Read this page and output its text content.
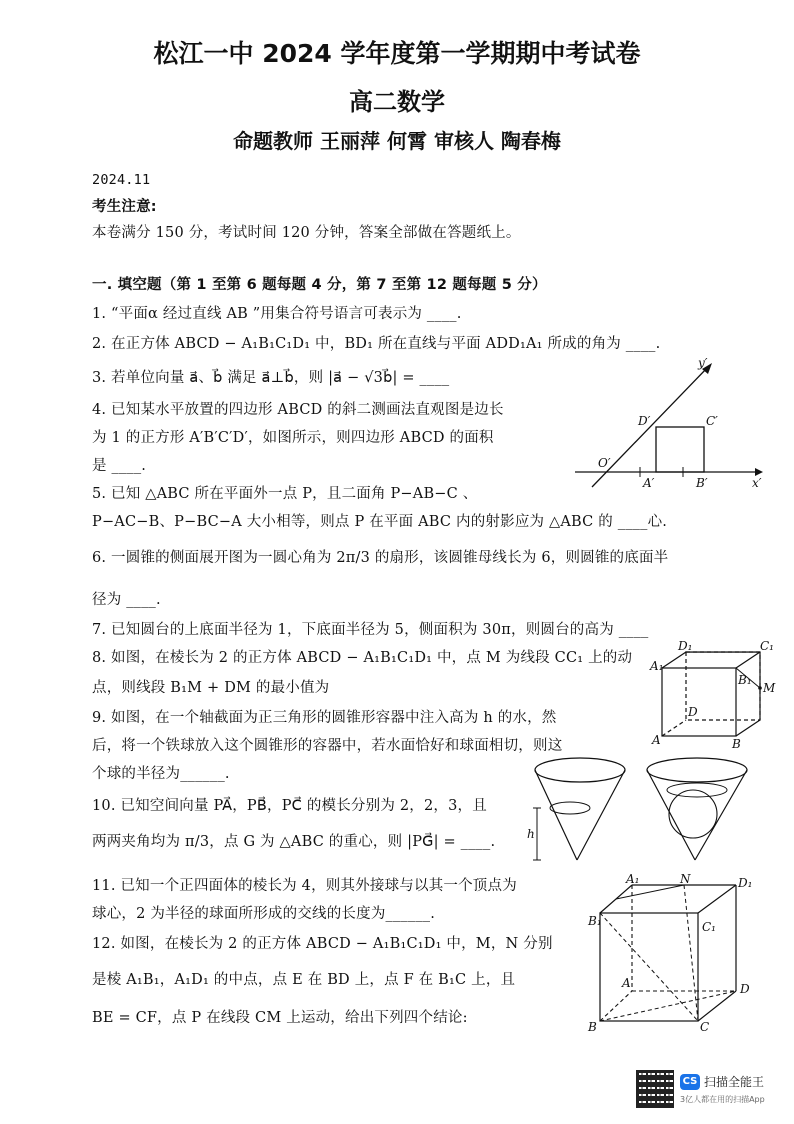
松江一中 2024 学年度第一学期期中考试卷
高二数学
命题教师 王丽萍 何霄 审核人 陶春梅
2024.11
考生注意:
本卷满分 150 分，考试时间 120 分钟，答案全部做在答题纸上。
一. 填空题（第 1 至第 6 题每题 4 分，第 7 至第 12 题每题 5 分）
1. “平面α 经过直线 AB ”用集合符号语言可表示为 ____.
2. 在正方体 ABCD − A₁B₁C₁D₁ 中，BD₁ 所在直线与平面 ADD₁A₁ 所成的角为 ____.
3. 若单位向量 a⃗、b⃗ 满足 a⃗⊥b⃗，则 |a⃗ − √3b⃗| = ____
4. 已知某水平放置的四边形 ABCD 的斜二测画法直观图是边长
为 1 的正方形 A′B′C′D′，如图所示，则四边形 ABCD 的面积
是 ____.
5. 已知 △ABC 所在平面外一点 P，且二面角 P−AB−C 、
P−AC−B、P−BC−A 大小相等，则点 P 在平面 ABC 内的射影应为 △ABC 的 ____心.
6. 一圆锥的侧面展开图为一圆心角为 2π/3 的扇形，该圆锥母线长为 6，则圆锥的底面半
径为 ____.
7. 已知圆台的上底面半径为 1，下底面半径为 5，侧面积为 30π，则圆台的高为 ____
8. 如图，在棱长为 2 的正方体 ABCD − A₁B₁C₁D₁ 中，点 M 为线段 CC₁ 上的动
点，则线段 B₁M + DM 的最小值为
9. 如图，在一个轴截面为正三角形的圆锥形容器中注入高为 h 的水，然
后，将一个铁球放入这个圆锥形的容器中，若水面恰好和球面相切，则这
个球的半径为______.
10. 已知空间向量 PA⃗，PB⃗，PC⃗ 的模长分别为 2，2，3，且
两两夹角均为 π/3，点 G 为 △ABC 的重心，则 |PG⃗| = ____.
11. 已知一个正四面体的棱长为 4，则其外接球与以其一个顶点为
球心，2 为半径的球面所形成的交线的长度为______.
12. 如图，在棱长为 2 的正方体 ABCD − A₁B₁C₁D₁ 中，M，N 分别
是棱 A₁B₁，A₁D₁ 的中点，点 E 在 BD 上，点 F 在 B₁C 上，且
BE = CF，点 P 在线段 CM 上运动，给出下列四个结论:
y′
x′
O′
A′	B′
C′
D′
A₁
D₁	C₁
B₁
M
D
A	B
h
A₁	N	D₁
B₁	C₁
A	D
B	C
CS 扫描全能王
3亿人都在用的扫描App
